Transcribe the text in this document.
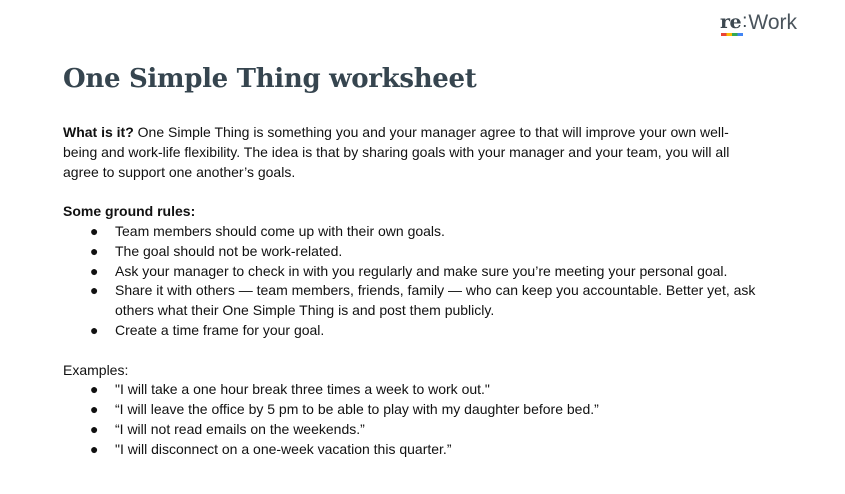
re : Work
One Simple Thing worksheet

What is it? One Simple Thing is something you and your manager agree to that will improve your own well-being and work-life flexibility. The idea is that by sharing goals with your manager and your team, you will all agree to support one another’s goals.

Some ground rules:

● Team members should come up with their own goals.
● The goal should not be work-related.
● Ask your manager to check in with you regularly and make sure you’re meeting your personal goal.
● Share it with others — team members, friends, family — who can keep you accountable. Better yet, ask others what their One Simple Thing is and post them publicly.
● Create a time frame for your goal.

Examples:

● "I will take a one hour break three times a week to work out."
● “I will leave the office by 5 pm to be able to play with my daughter before bed.”
● “I will not read emails on the weekends.”
● "I will disconnect on a one-week vacation this quarter.”
